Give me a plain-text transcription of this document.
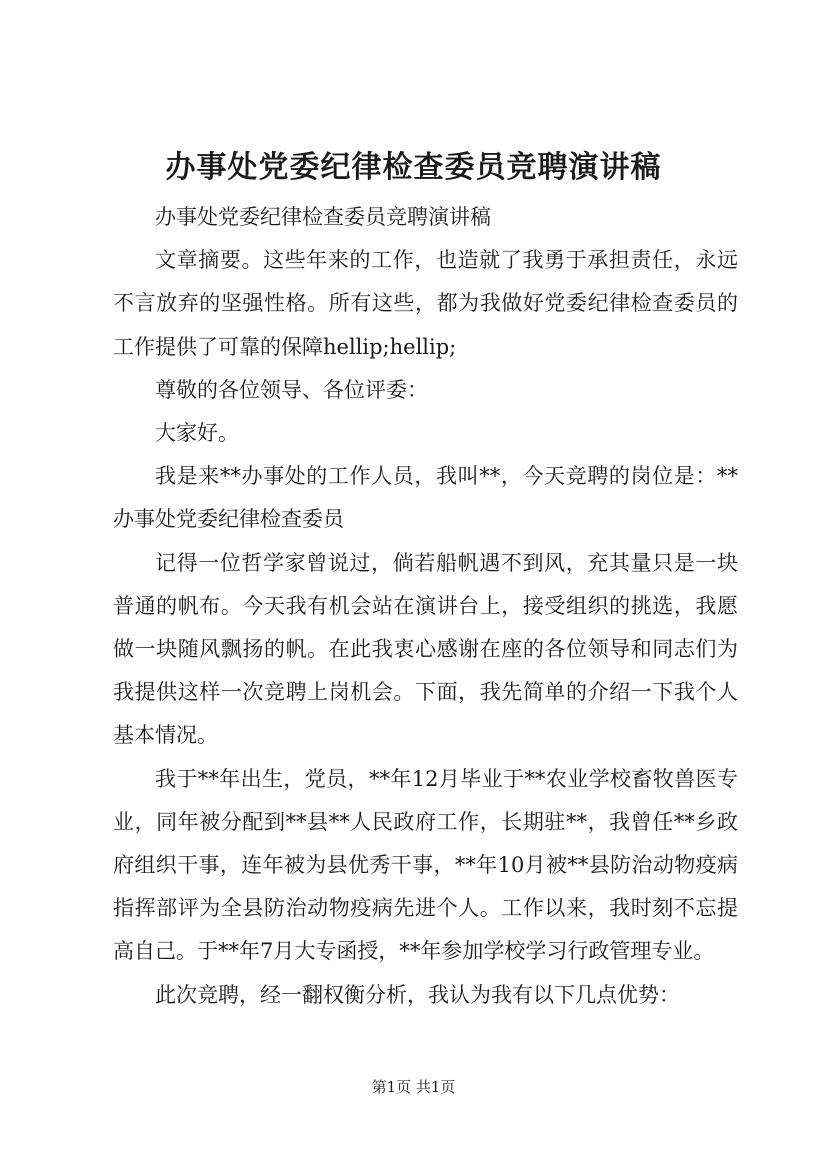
办事处党委纪律检查委员竞聘演讲稿

办事处党委纪律检查委员竞聘演讲稿

文章摘要。这些年来的工作，也造就了我勇于承担责任，永远不言放弃的坚强性格。所有这些，都为我做好党委纪律检查委员的工作提供了可靠的保障hellip;hellip;

尊敬的各位领导、各位评委：

大家好。

我是来**办事处的工作人员，我叫**，今天竞聘的岗位是：**办事处党委纪律检查委员

记得一位哲学家曾说过，倘若船帆遇不到风，充其量只是一块普通的帆布。今天我有机会站在演讲台上，接受组织的挑选，我愿做一块随风飘扬的帆。在此我衷心感谢在座的各位领导和同志们为我提供这样一次竞聘上岗机会。下面，我先简单的介绍一下我个人基本情况。

我于**年出生，党员，**年12月毕业于**农业学校畜牧兽医专业，同年被分配到**县**人民政府工作，长期驻**，我曾任**乡政府组织干事，连年被为县优秀干事，**年10月被**县防治动物疫病指挥部评为全县防治动物疫病先进个人。工作以来，我时刻不忘提高自己。于**年7月大专函授，**年参加学校学习行政管理专业。

此次竞聘，经一翻权衡分析，我认为我有以下几点优势：

第1页 共1页
